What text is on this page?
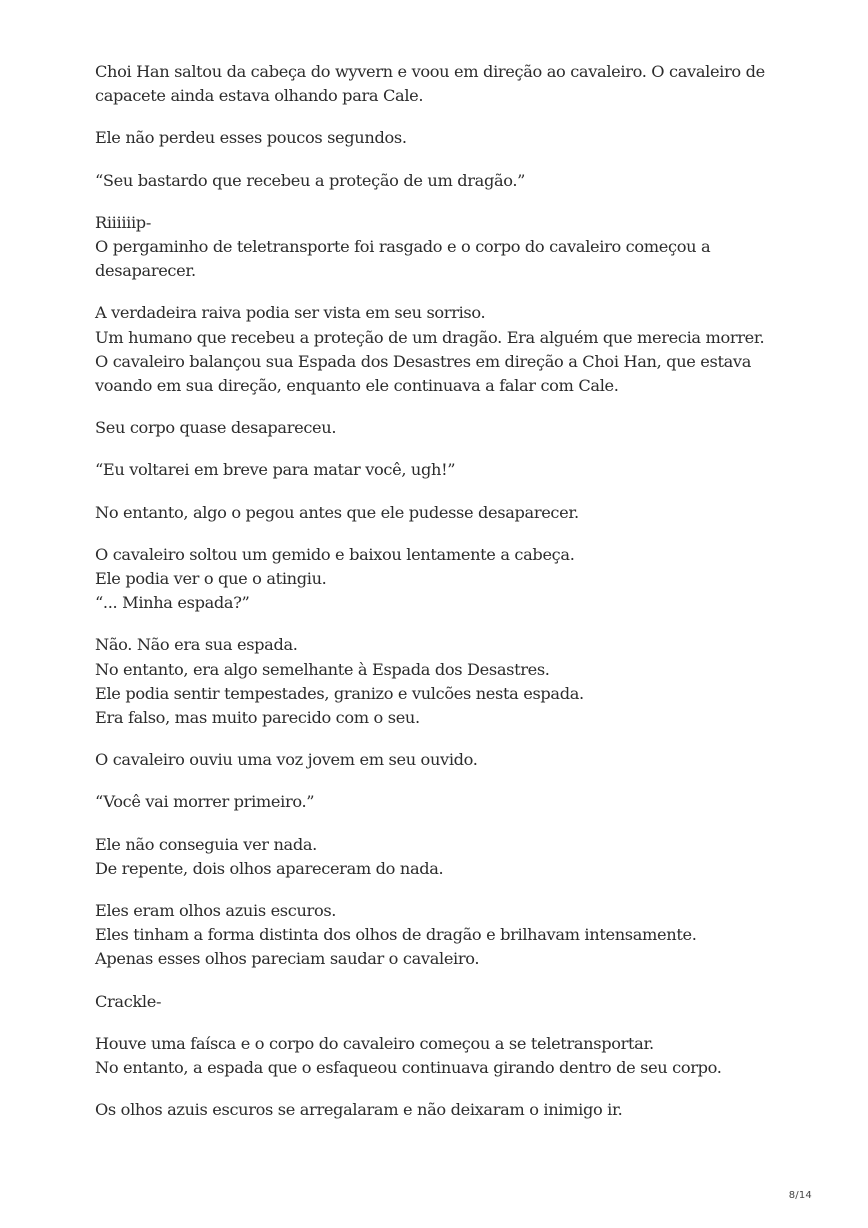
Choi Han saltou da cabeça do wyvern e voou em direção ao cavaleiro. O cavaleiro de
capacete ainda estava olhando para Cale.

Ele não perdeu esses poucos segundos.

“Seu bastardo que recebeu a proteção de um dragão.”

Riiiiiip-
O pergaminho de teletransporte foi rasgado e o corpo do cavaleiro começou a
desaparecer.

A verdadeira raiva podia ser vista em seu sorriso.
Um humano que recebeu a proteção de um dragão. Era alguém que merecia morrer.
O cavaleiro balançou sua Espada dos Desastres em direção a Choi Han, que estava
voando em sua direção, enquanto ele continuava a falar com Cale.

Seu corpo quase desapareceu.

“Eu voltarei em breve para matar você, ugh!”

No entanto, algo o pegou antes que ele pudesse desaparecer.

O cavaleiro soltou um gemido e baixou lentamente a cabeça.
Ele podia ver o que o atingiu.
“... Minha espada?”

Não. Não era sua espada.
No entanto, era algo semelhante à Espada dos Desastres.
Ele podia sentir tempestades, granizo e vulcões nesta espada.
Era falso, mas muito parecido com o seu.

O cavaleiro ouviu uma voz jovem em seu ouvido.

“Você vai morrer primeiro.”

Ele não conseguia ver nada.
De repente, dois olhos apareceram do nada.

Eles eram olhos azuis escuros.
Eles tinham a forma distinta dos olhos de dragão e brilhavam intensamente.
Apenas esses olhos pareciam saudar o cavaleiro.

Crackle-

Houve uma faísca e o corpo do cavaleiro começou a se teletransportar.
No entanto, a espada que o esfaqueou continuava girando dentro de seu corpo.

Os olhos azuis escuros se arregalaram e não deixaram o inimigo ir.

8/14
